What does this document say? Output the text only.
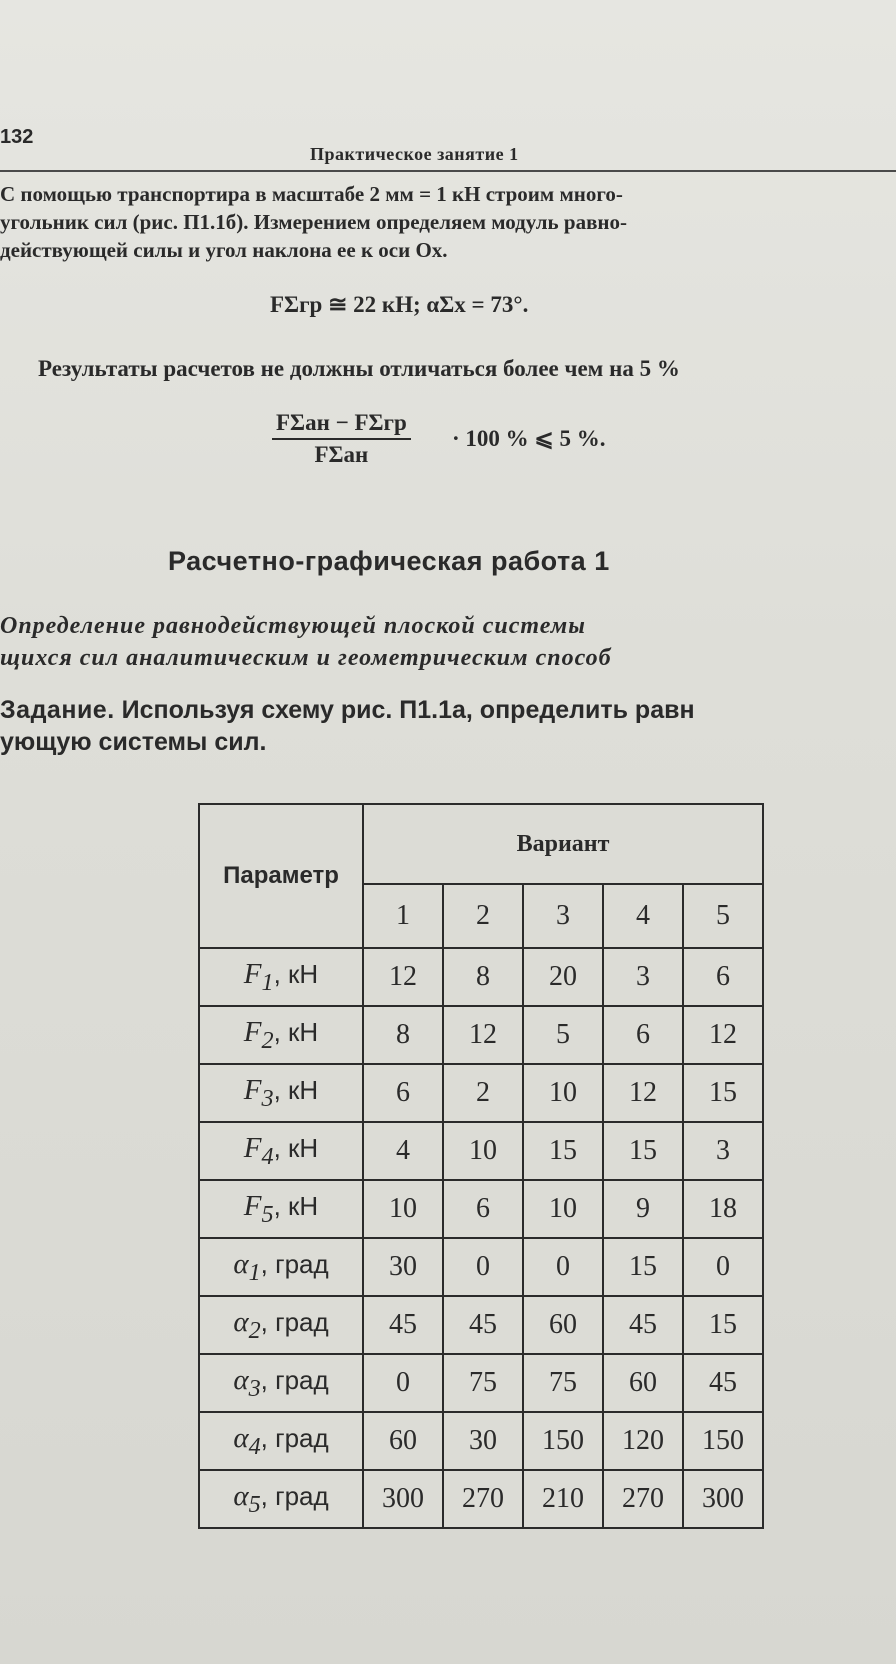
132
Практическое занятие 1
С помощью транспортира в масштабе 2 мм = 1 кН строим много-
угольник сил (рис. П1.1б). Измерением определяем модуль равно-
действующей силы и угол наклона ее к оси Ox.
FΣгр ≅ 22 кН; αΣx = 73°.
Результаты расчетов не должны отличаться более чем на 5 %
FΣан − FΣгр
FΣан
· 100 % ⩽ 5 %.
Расчетно-графическая работа 1
Определение равнодействующей плоской системы
щихся сил аналитическим и геометрическим способ
Задание. Используя схему рис. П1.1а, определить равн
ующую системы сил.
Параметр	Вариант				
	1	2	3	4	5
$F_1$, кН	12	8	20	3	6
$F_2$, кН	8	12	5	6	12
$F_3$, кН	6	2	10	12	15
$F_4$, кН	4	10	15	15	3
$F_5$, кН	10	6	10	9	18
$\alpha_1$, град	30	0	0	15	0
$\alpha_2$, град	45	45	60	45	15
$\alpha_3$, град	0	75	75	60	45
$\alpha_4$, град	60	30	150	120	150
$\alpha_5$, град	300	270	210	270	300
